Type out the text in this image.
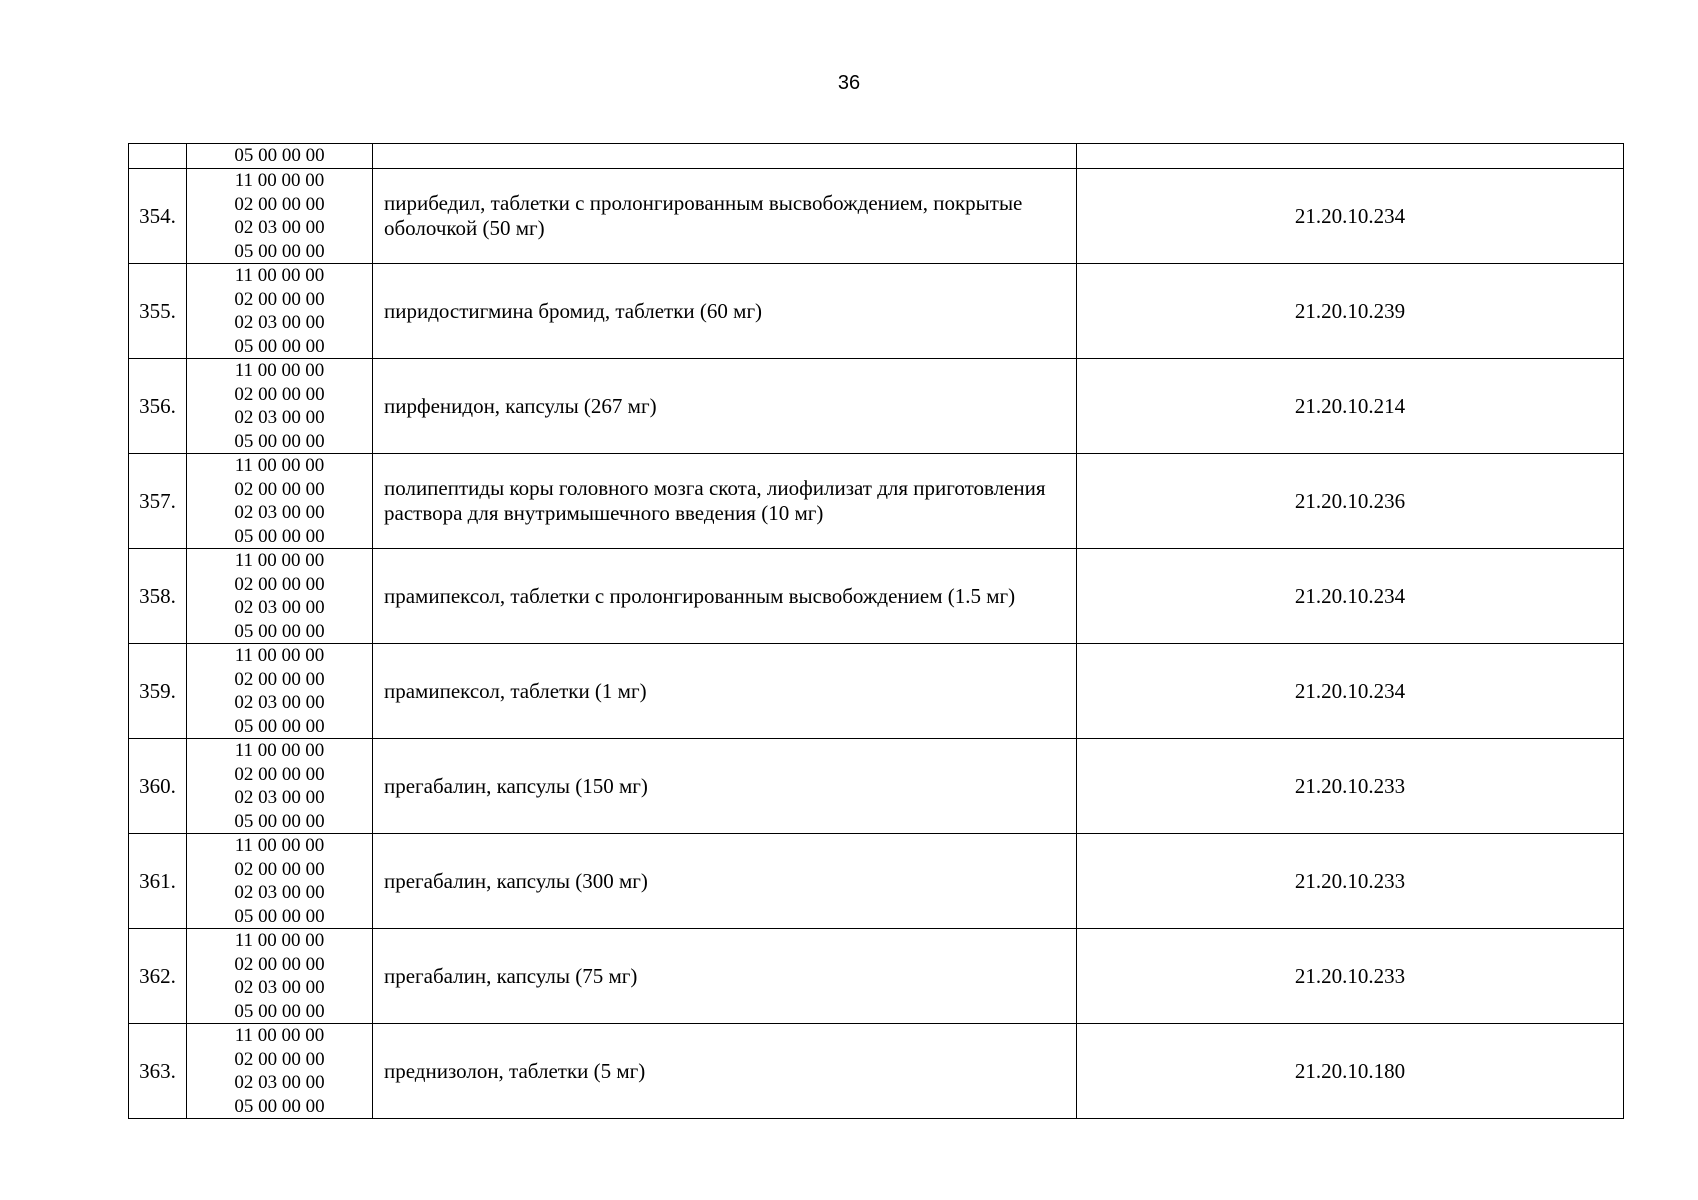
36

	05 00 00 00		

354.	11 00 00 00
02 00 00 00
02 03 00 00
05 00 00 00	пирибедил, таблетки с пролонгированным высвобождением, покрытые оболочкой (50 мг)	21.20.10.234
355.	11 00 00 00
02 00 00 00
02 03 00 00
05 00 00 00	пиридостигмина бромид, таблетки (60 мг)	21.20.10.239
356.	11 00 00 00
02 00 00 00
02 03 00 00
05 00 00 00	пирфенидон, капсулы (267 мг)	21.20.10.214
357.	11 00 00 00
02 00 00 00
02 03 00 00
05 00 00 00	полипептиды коры головного мозга скота, лиофилизат для приготовления раствора для внутримышечного введения (10 мг)	21.20.10.236
358.	11 00 00 00
02 00 00 00
02 03 00 00
05 00 00 00	прамипексол, таблетки с пролонгированным высвобождением (1.5 мг)	21.20.10.234
359.	11 00 00 00
02 00 00 00
02 03 00 00
05 00 00 00	прамипексол, таблетки (1 мг)	21.20.10.234
360.	11 00 00 00
02 00 00 00
02 03 00 00
05 00 00 00	прегабалин, капсулы (150 мг)	21.20.10.233
361.	11 00 00 00
02 00 00 00
02 03 00 00
05 00 00 00	прегабалин, капсулы (300 мг)	21.20.10.233
362.	11 00 00 00
02 00 00 00
02 03 00 00
05 00 00 00	прегабалин, капсулы (75 мг)	21.20.10.233
363.	11 00 00 00
02 00 00 00
02 03 00 00
05 00 00 00	преднизолон, таблетки (5 мг)	21.20.10.180
